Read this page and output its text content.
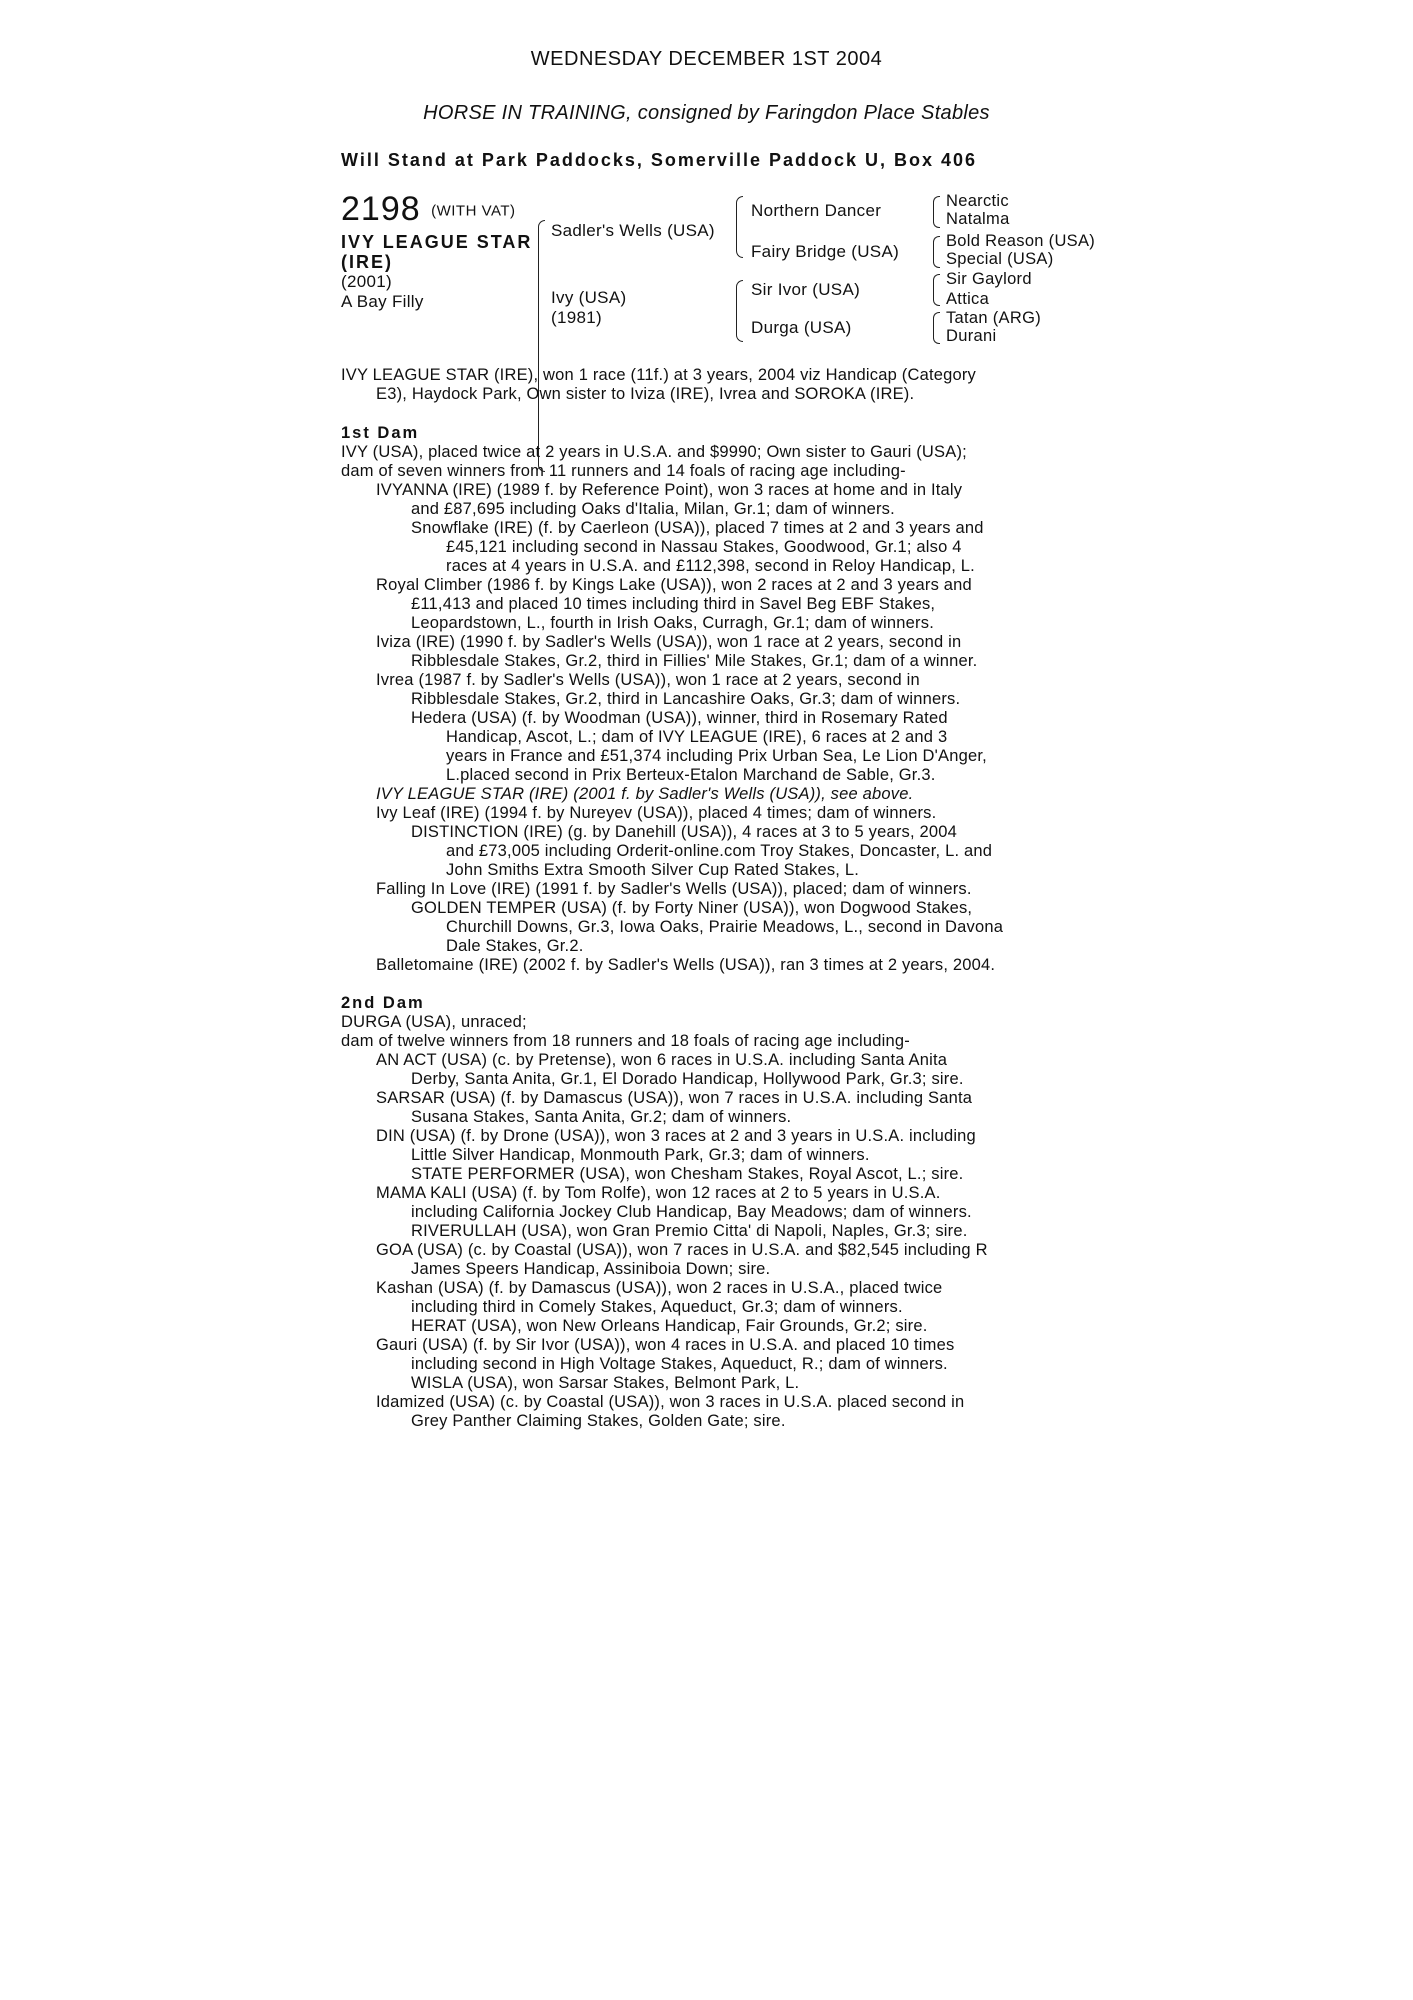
WEDNESDAY DECEMBER 1ST 2004
HORSE IN TRAINING, consigned by Faringdon Place Stables
Will Stand at Park Paddocks, Somerville Paddock U, Box 406
2198 (WITH VAT)
IVY LEAGUE STAR
(IRE)
(2001)
A Bay Filly
Sadler's Wells (USA)
Ivy (USA)
(1981)
Northern Dancer
Fairy Bridge (USA)
Sir Ivor (USA)
Durga (USA)
Nearctic
Natalma
Bold Reason (USA)
Special (USA)
Sir Gaylord
Attica
Tatan (ARG)
Durani
IVY LEAGUE STAR (IRE), won 1 race (11f.) at 3 years, 2004 viz Handicap (Category
E3), Haydock Park, Own sister to Iviza (IRE), Ivrea and SOROKA (IRE).
1st Dam
IVY (USA), placed twice at 2 years in U.S.A. and $9990; Own sister to Gauri (USA);
dam of seven winners from 11 runners and 14 foals of racing age including-
IVYANNA (IRE) (1989 f. by Reference Point), won 3 races at home and in Italy
and £87,695 including Oaks d'Italia, Milan, Gr.1; dam of winners.
Snowflake (IRE) (f. by Caerleon (USA)), placed 7 times at 2 and 3 years and
£45,121 including second in Nassau Stakes, Goodwood, Gr.1; also 4
races at 4 years in U.S.A. and £112,398, second in Reloy Handicap, L.
Royal Climber (1986 f. by Kings Lake (USA)), won 2 races at 2 and 3 years and
£11,413 and placed 10 times including third in Savel Beg EBF Stakes,
Leopardstown, L., fourth in Irish Oaks, Curragh, Gr.1; dam of winners.
Iviza (IRE) (1990 f. by Sadler's Wells (USA)), won 1 race at 2 years, second in
Ribblesdale Stakes, Gr.2, third in Fillies' Mile Stakes, Gr.1; dam of a winner.
Ivrea (1987 f. by Sadler's Wells (USA)), won 1 race at 2 years, second in
Ribblesdale Stakes, Gr.2, third in Lancashire Oaks, Gr.3; dam of winners.
Hedera (USA) (f. by Woodman (USA)), winner, third in Rosemary Rated
Handicap, Ascot, L.; dam of IVY LEAGUE (IRE), 6 races at 2 and 3
years in France and £51,374 including Prix Urban Sea, Le Lion D'Anger,
L.placed second in Prix Berteux-Etalon Marchand de Sable, Gr.3.
IVY LEAGUE STAR (IRE) (2001 f. by Sadler's Wells (USA)), see above.
Ivy Leaf (IRE) (1994 f. by Nureyev (USA)), placed 4 times; dam of winners.
DISTINCTION (IRE) (g. by Danehill (USA)), 4 races at 3 to 5 years, 2004
and £73,005 including Orderit-online.com Troy Stakes, Doncaster, L. and
John Smiths Extra Smooth Silver Cup Rated Stakes, L.
Falling In Love (IRE) (1991 f. by Sadler's Wells (USA)), placed; dam of winners.
GOLDEN TEMPER (USA) (f. by Forty Niner (USA)), won Dogwood Stakes,
Churchill Downs, Gr.3, Iowa Oaks, Prairie Meadows, L., second in Davona
Dale Stakes, Gr.2.
Balletomaine (IRE) (2002 f. by Sadler's Wells (USA)), ran 3 times at 2 years, 2004.
2nd Dam
DURGA (USA), unraced;
dam of twelve winners from 18 runners and 18 foals of racing age including-
AN ACT (USA) (c. by Pretense), won 6 races in U.S.A. including Santa Anita
Derby, Santa Anita, Gr.1, El Dorado Handicap, Hollywood Park, Gr.3; sire.
SARSAR (USA) (f. by Damascus (USA)), won 7 races in U.S.A. including Santa
Susana Stakes, Santa Anita, Gr.2; dam of winners.
DIN (USA) (f. by Drone (USA)), won 3 races at 2 and 3 years in U.S.A. including
Little Silver Handicap, Monmouth Park, Gr.3; dam of winners.
STATE PERFORMER (USA), won Chesham Stakes, Royal Ascot, L.; sire.
MAMA KALI (USA) (f. by Tom Rolfe), won 12 races at 2 to 5 years in U.S.A.
including California Jockey Club Handicap, Bay Meadows; dam of winners.
RIVERULLAH (USA), won Gran Premio Citta' di Napoli, Naples, Gr.3; sire.
GOA (USA) (c. by Coastal (USA)), won 7 races in U.S.A. and $82,545 including R
James Speers Handicap, Assiniboia Down; sire.
Kashan (USA) (f. by Damascus (USA)), won 2 races in U.S.A., placed twice
including third in Comely Stakes, Aqueduct, Gr.3; dam of winners.
HERAT (USA), won New Orleans Handicap, Fair Grounds, Gr.2; sire.
Gauri (USA) (f. by Sir Ivor (USA)), won 4 races in U.S.A. and placed 10 times
including second in High Voltage Stakes, Aqueduct, R.; dam of winners.
WISLA (USA), won Sarsar Stakes, Belmont Park, L.
Idamized (USA) (c. by Coastal (USA)), won 3 races in U.S.A. placed second in
Grey Panther Claiming Stakes, Golden Gate; sire.
